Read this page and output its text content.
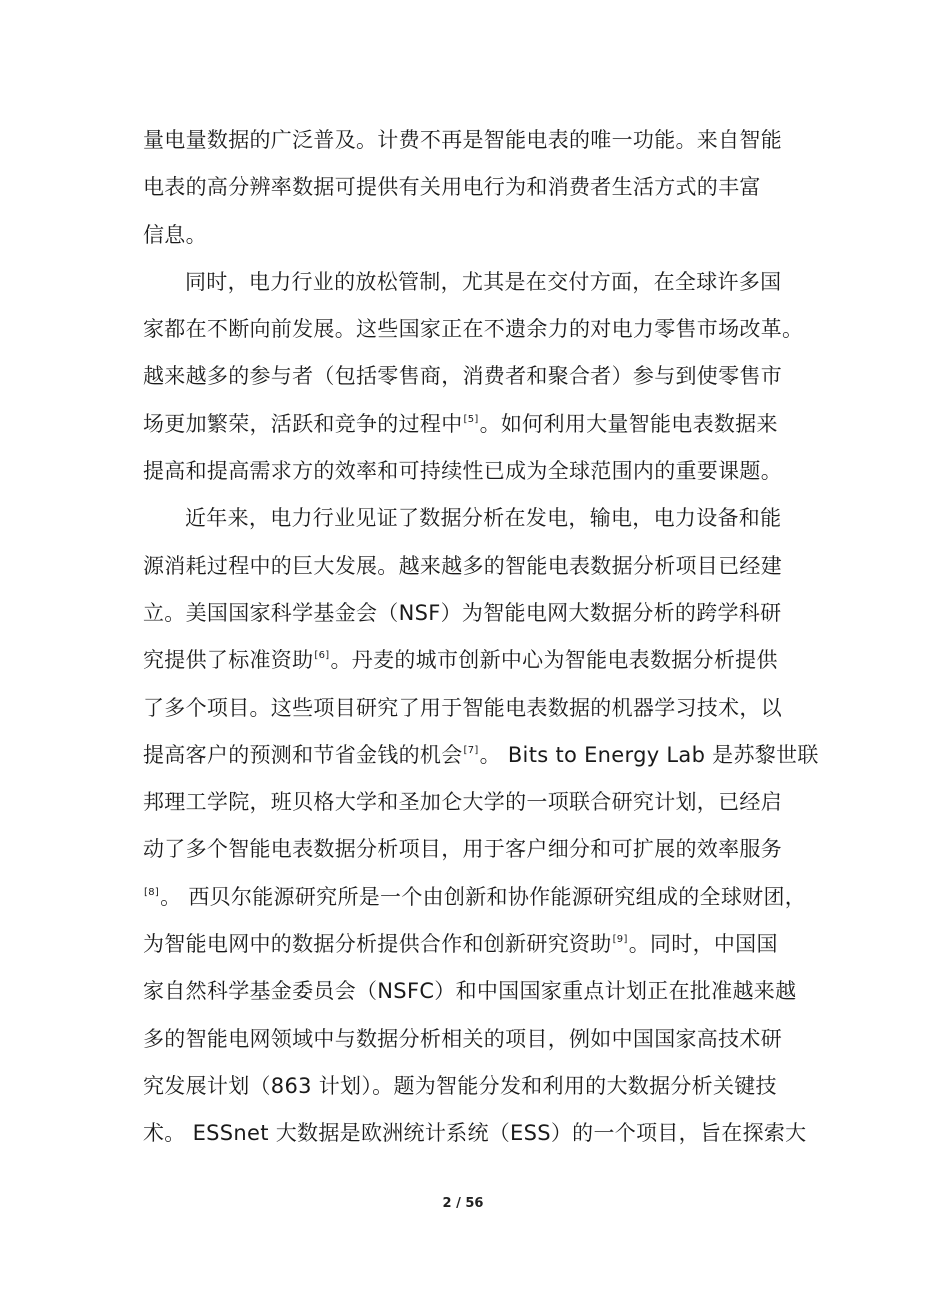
量电量数据的广泛普及。计费不再是智能电表的唯一功能。来自智能
电表的高分辨率数据可提供有关用电行为和消费者生活方式的丰富
信息。
同时，电力行业的放松管制，尤其是在交付方面，在全球许多国
家都在不断向前发展。这些国家正在不遗余力的对电力零售市场改革。
越来越多的参与者（包括零售商，消费者和聚合者）参与到使零售市
场更加繁荣，活跃和竞争的过程中[5]。如何利用大量智能电表数据来
提高和提高需求方的效率和可持续性已成为全球范围内的重要课题。
近年来，电力行业见证了数据分析在发电，输电，电力设备和能
源消耗过程中的巨大发展。越来越多的智能电表数据分析项目已经建
立。美国国家科学基金会（NSF）为智能电网大数据分析的跨学科研
究提供了标准资助[6]。丹麦的城市创新中心为智能电表数据分析提供
了多个项目。这些项目研究了用于智能电表数据的机器学习技术，以
提高客户的预测和节省金钱的机会[7]。 Bits to Energy Lab 是苏黎世联
邦理工学院，班贝格大学和圣加仑大学的一项联合研究计划，已经启
动了多个智能电表数据分析项目，用于客户细分和可扩展的效率服务
[8]。 西贝尔能源研究所是一个由创新和协作能源研究组成的全球财团，
为智能电网中的数据分析提供合作和创新研究资助[9]。同时，中国国
家自然科学基金委员会（NSFC）和中国国家重点计划正在批准越来越
多的智能电网领域中与数据分析相关的项目，例如中国国家高技术研
究发展计划（863 计划）。题为智能分发和利用的大数据分析关键技
术。 ESSnet 大数据是欧洲统计系统（ESS）的一个项目，旨在探索大
2 / 56
